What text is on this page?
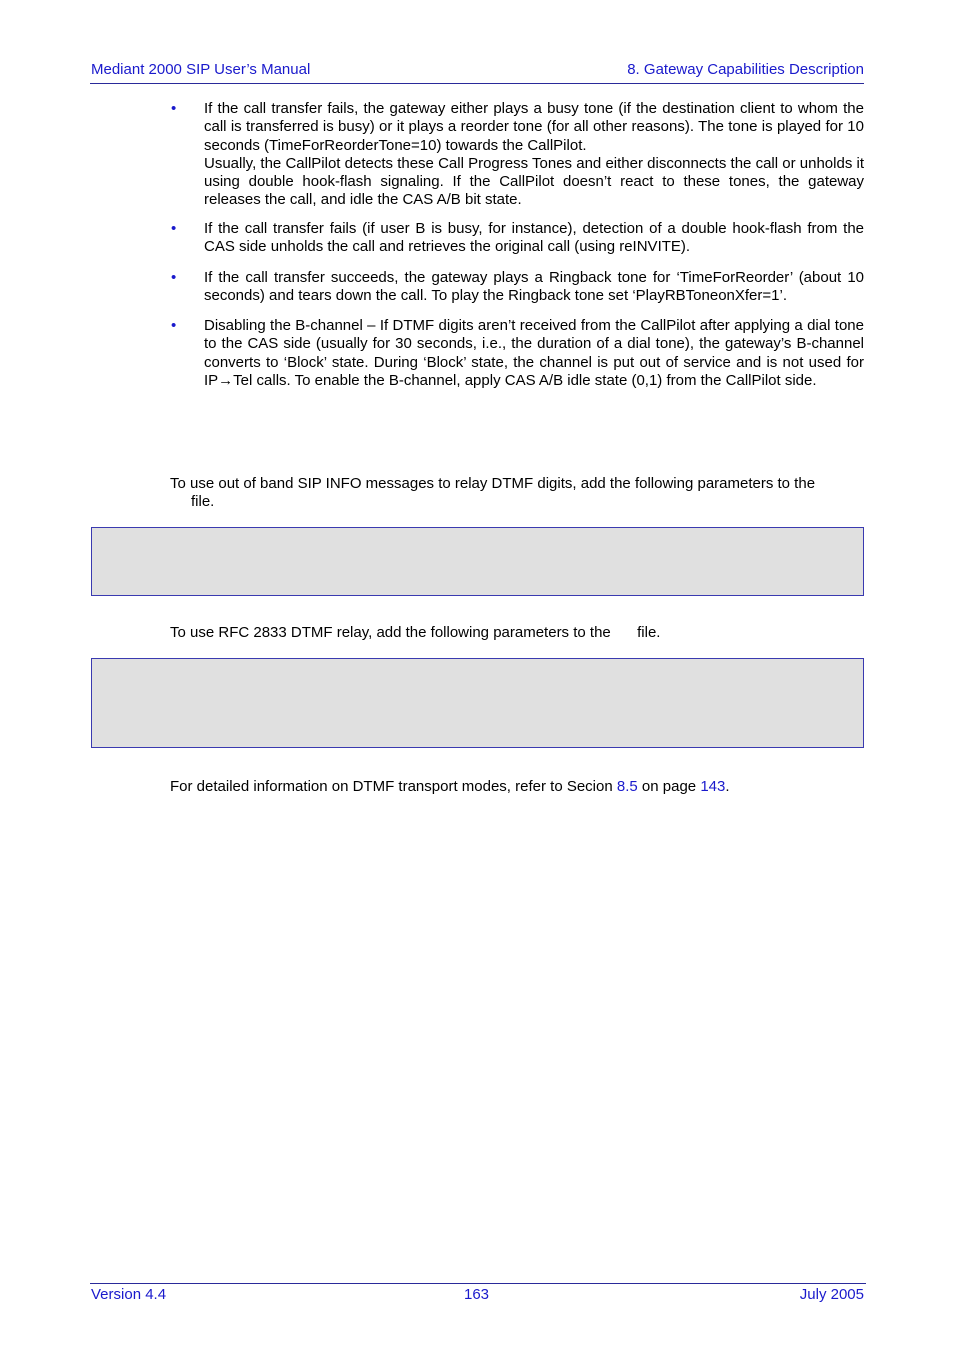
Mediant 2000 SIP User’s Manual	8. Gateway Capabilities Description
• If the call transfer fails, the gateway either plays a busy tone (if the destination client to whom the call is transferred is busy) or it plays a reorder tone (for all other reasons). The tone is played for 10 seconds (TimeForReorderTone=10) towards the CallPilot.
Usually, the CallPilot detects these Call Progress Tones and either disconnects the call or unholds it using double hook-flash signaling. If the CallPilot doesn’t react to these tones, the gateway releases the call, and idle the CAS A/B bit state.
• If the call transfer fails (if user B is busy, for instance), detection of a double hook-flash from the CAS side unholds the call and retrieves the original call (using reINVITE).
• If the call transfer succeeds, the gateway plays a Ringback tone for ‘TimeForReorder’ (about 10 seconds) and tears down the call. To play the Ringback tone set ‘PlayRBToneonXfer=1’.
• Disabling the B-channel – If DTMF digits aren’t received from the CallPilot after applying a dial tone to the CAS side (usually for 30 seconds, i.e., the duration of a dial tone), the gateway’s B-channel converts to ‘Block’ state. During ‘Block’ state, the channel is put out of service and is not used for IP→Tel calls. To enable the B-channel, apply CAS A/B idle state (0,1) from the CallPilot side.
To use out of band SIP INFO messages to relay DTMF digits, add the following parameters to the
file.
To use RFC 2833 DTMF relay, add the following parameters to the file.
For detailed information on DTMF transport modes, refer to Secion 8.5 on page 143.
Version 4.4	163	July 2005
